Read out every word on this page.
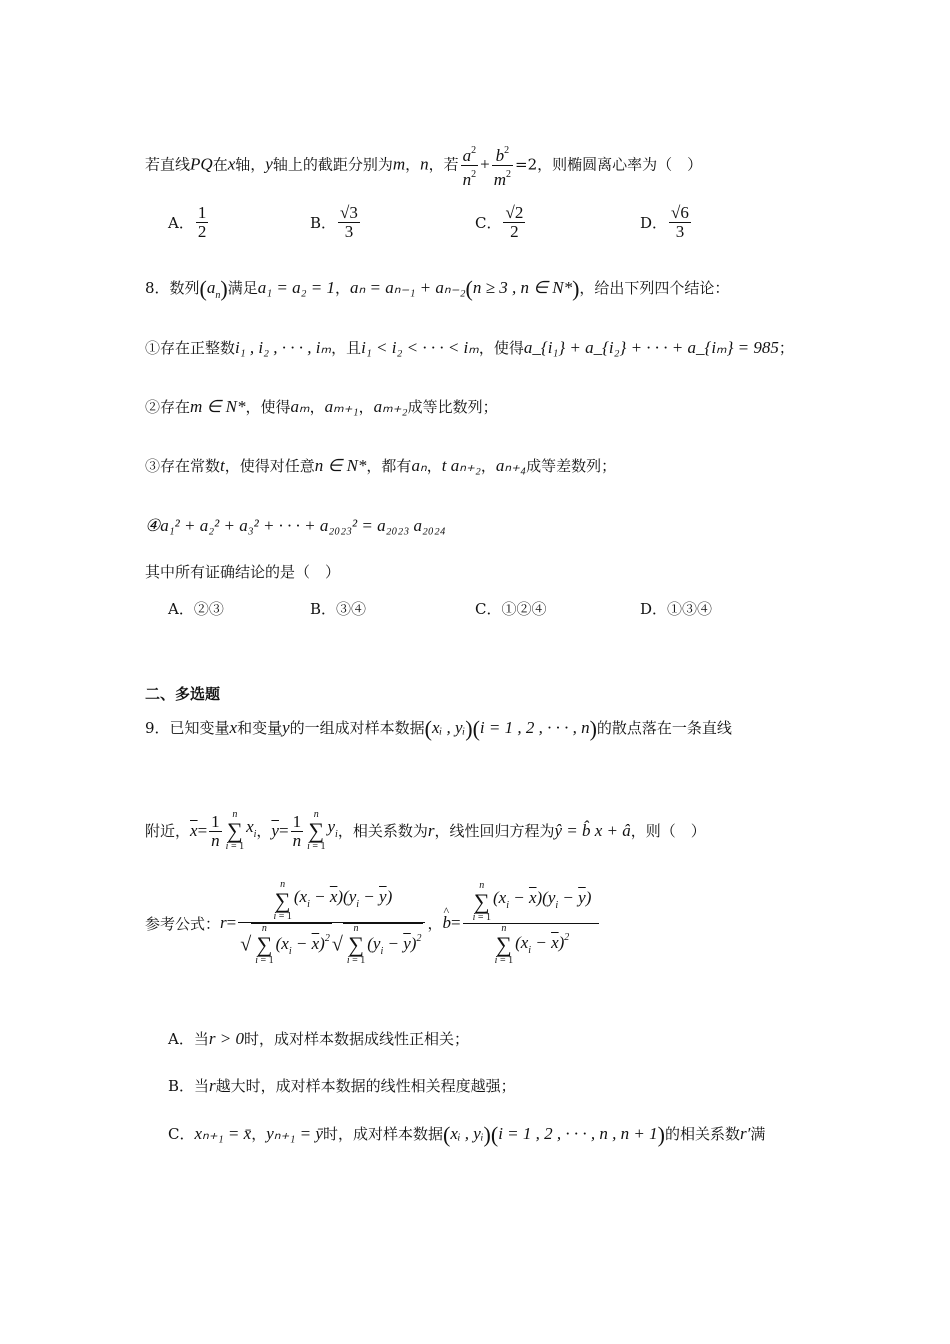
若直线PQ在x轴，y轴上的截距分别为m，n，若 $\frac{a^2}{n^2} + \frac{b^2}{m^2} =2$，则椭圆离心率为（　）
A． $\frac{1}{2}$	B． $\frac{√3}{3}$	C． $\frac{√2}{2}$	D． $\frac{√6}{3}$
8．数列$(a_n)$满足a₁ = a₂ = 1，aₙ = aₙ₋₁ + aₙ₋₂(n ≥ 3 , n ∈ N*)，给出下列四个结论：
①存在正整数i₁ , i₂ , · · · , iₘ，且i₁ < i₂ < · · · < iₘ，使得a_{i₁} + a_{i₂} + · · · + a_{iₘ} = 985；
②存在m ∈ N*，使得aₘ，aₘ₊₁，aₘ₊₂成等比数列；
③存在常数t，使得对任意n ∈ N*，都有aₙ，t aₙ₊₂，aₙ₊₄成等差数列；
④a₁² + a₂² + a₃² + · · · + a₂₀₂₃² = a₂₀₂₃ a₂₀₂₄
其中所有证确结论的是（　）
A．②③	B．③④	C．①②④	D．①③④
二、多选题
9．已知变量x和变量y的一组成对样本数据(xᵢ , yᵢ)(i = 1 , 2 , · · · , n)的散点落在一条直线
附近，$\overline{x}= \frac{1}{n}$	n
∑
i = 1
$x_i$，$\overline{y}= \frac{1}{n}$	n
∑
i = 1
$y_i$，相关系数为r，线性回归方程为ŷ = b̂ x + â，则（　）
参考公式：r= n
∑
i = 1
$(x_i - \overline{x})(y_i - \overline{y})$
√
n
∑
i = 1
$(x_i - \overline{x})^2$ √
n
∑
i = 1
$(y_i - \overline{y})^2$ ，b ^= n
∑
i = 1
$(x_i - \overline{x})(y_i - \overline{y})$
n
∑
i = 1
$(x_i - \overline{x})^2$
A．当r > 0时，成对样本数据成线性正相关；
B．当r越大时，成对样本数据的线性相关程度越强；
C．xₙ₊₁ = x̄，yₙ₊₁ = ȳ时，成对样本数据(xᵢ , yᵢ)(i = 1 , 2 , · · · , n , n + 1)的相关系数r′满
